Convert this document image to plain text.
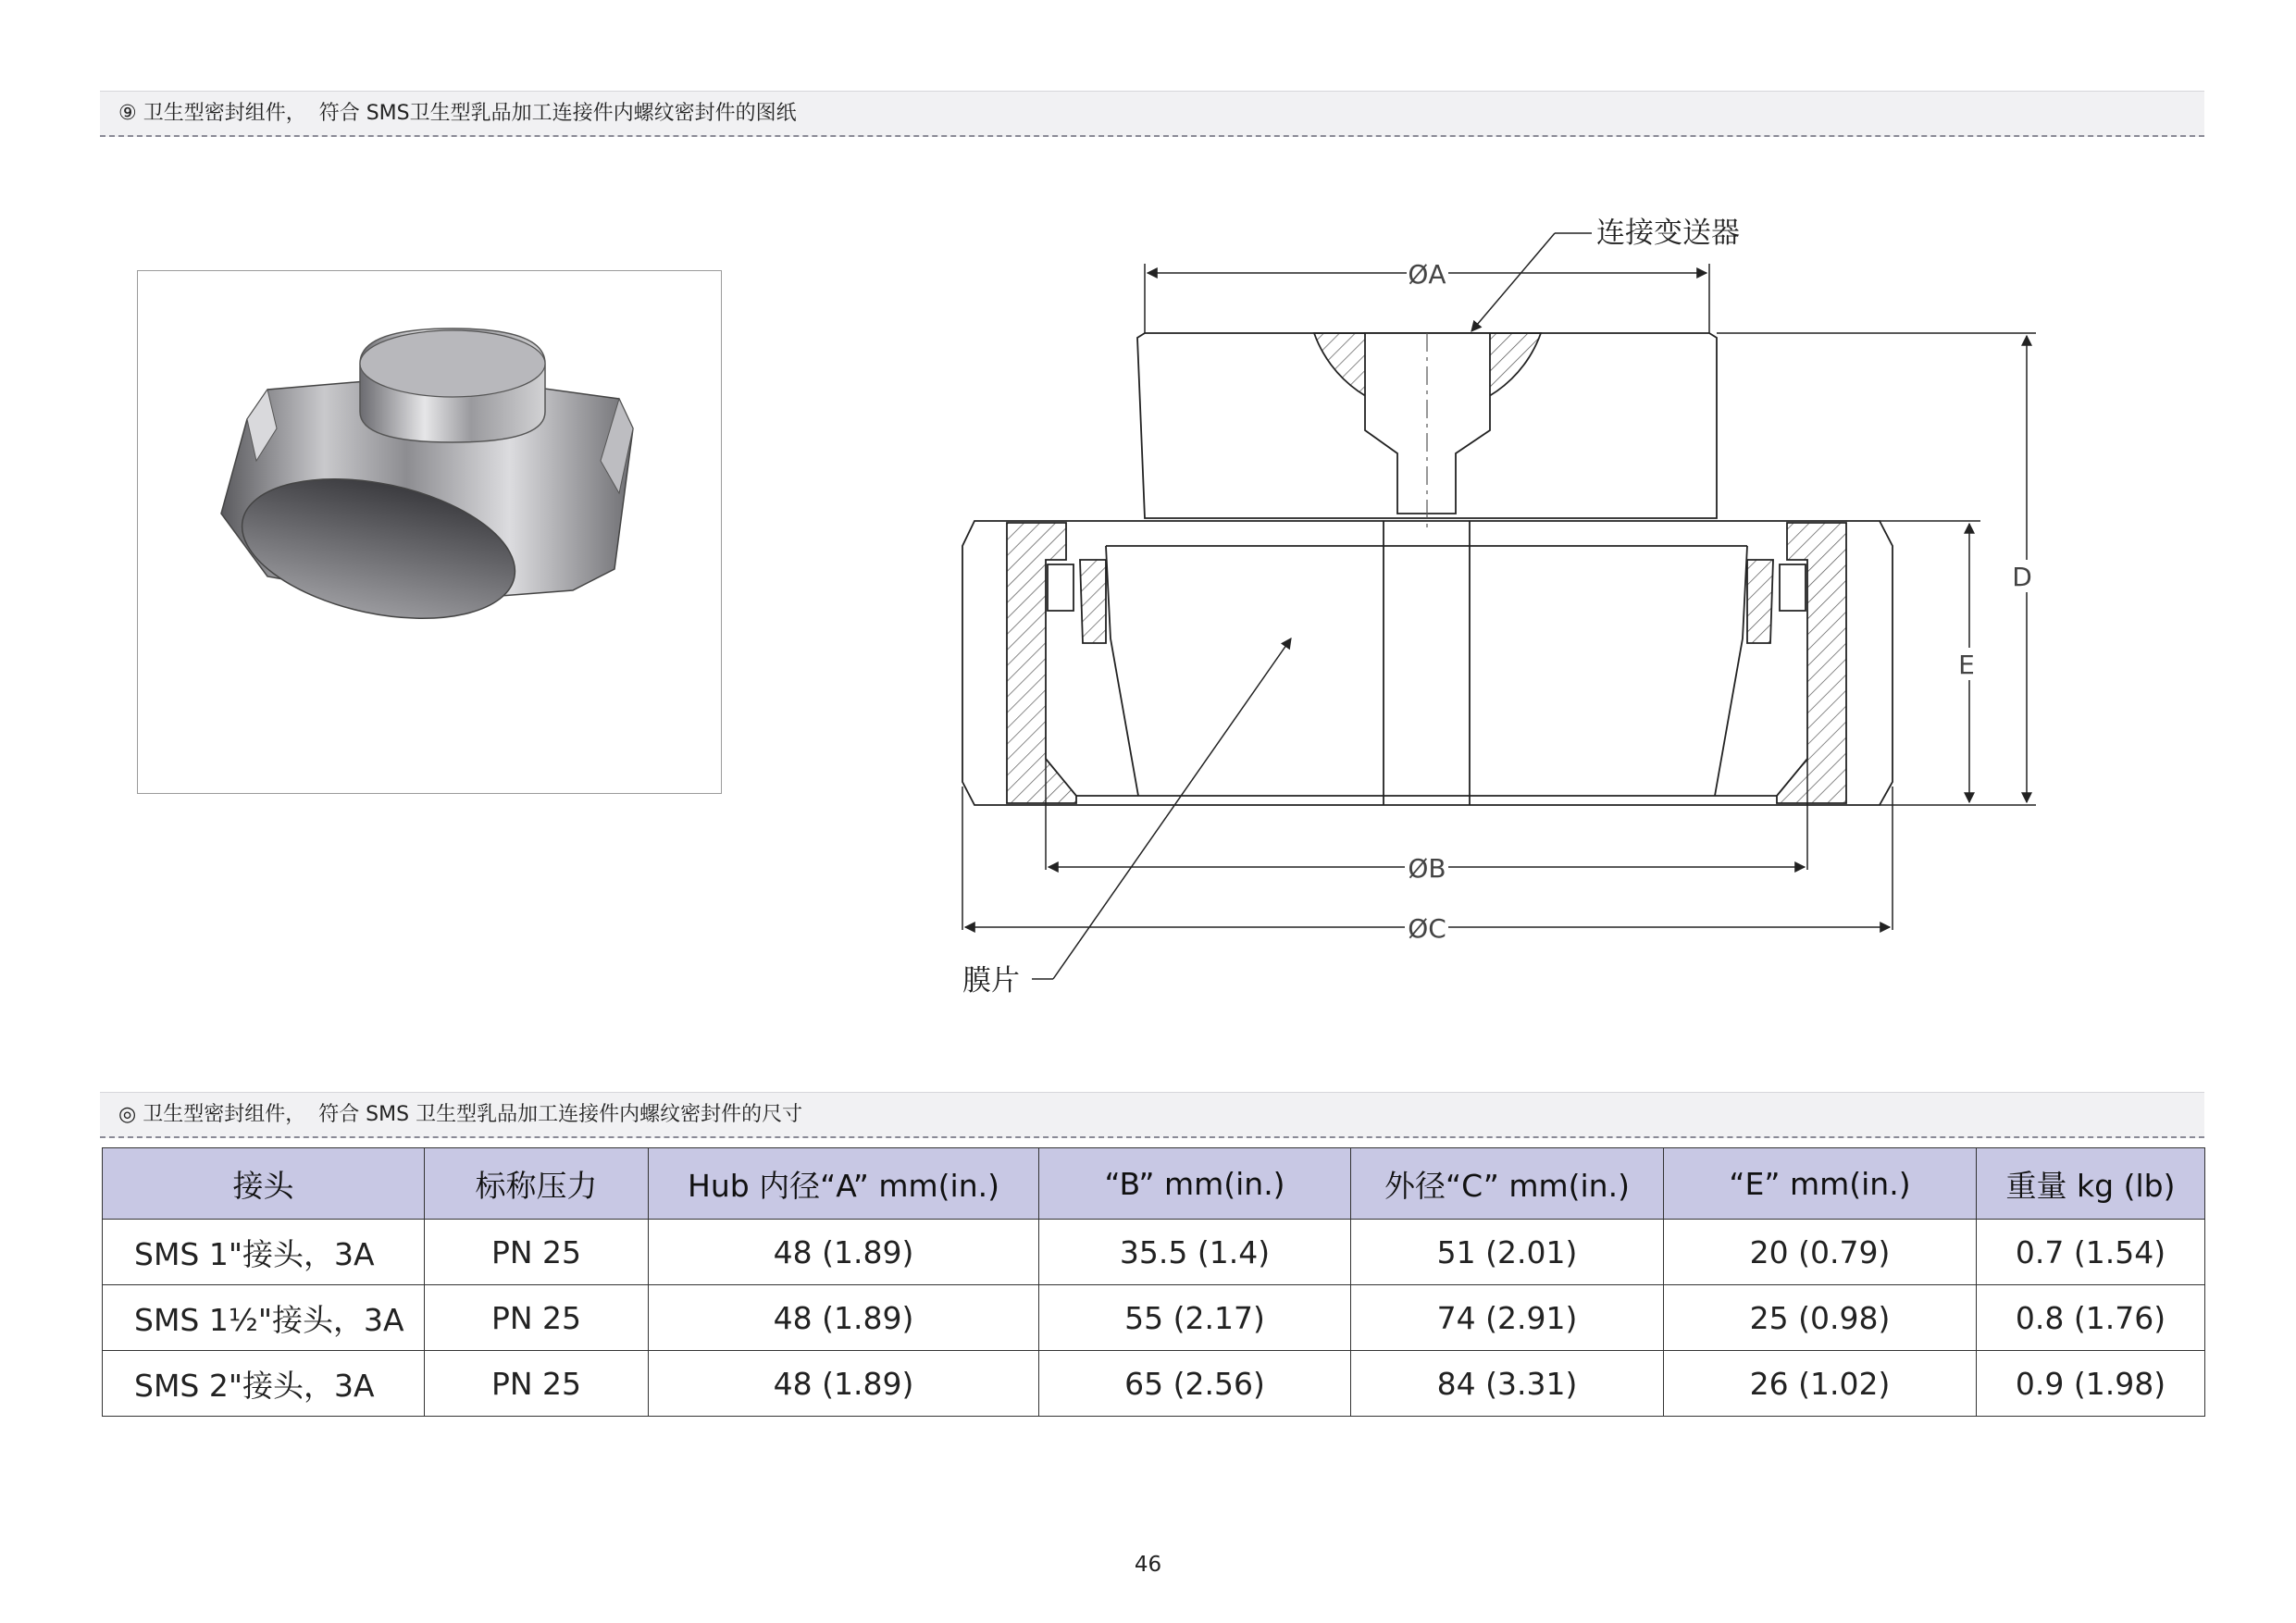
⑨ 卫生型密封组件，  符合 SMS卫生型乳品加工连接件内螺纹密封件的图纸
ØA
ØB
ØC
D
E
连接变送器
膜片
◎ 卫生型密封组件，  符合 SMS 卫生型乳品加工连接件内螺纹密封件的尺寸
接头	标称压力	Hub 内径“A” mm(in.)	“B” mm(in.)	外径“C” mm(in.)	“E” mm(in.)	重量 kg (lb)
SMS 1"接头，3A	PN 25	48 (1.89)	35.5 (1.4)	51 (2.01)	20 (0.79)	0.7 (1.54)
SMS 1½"接头，3A	PN 25	48 (1.89)	55 (2.17)	74 (2.91)	25 (0.98)	0.8 (1.76)
SMS 2"接头，3A	PN 25	48 (1.89)	65 (2.56)	84 (3.31)	26 (1.02)	0.9 (1.98)
46
